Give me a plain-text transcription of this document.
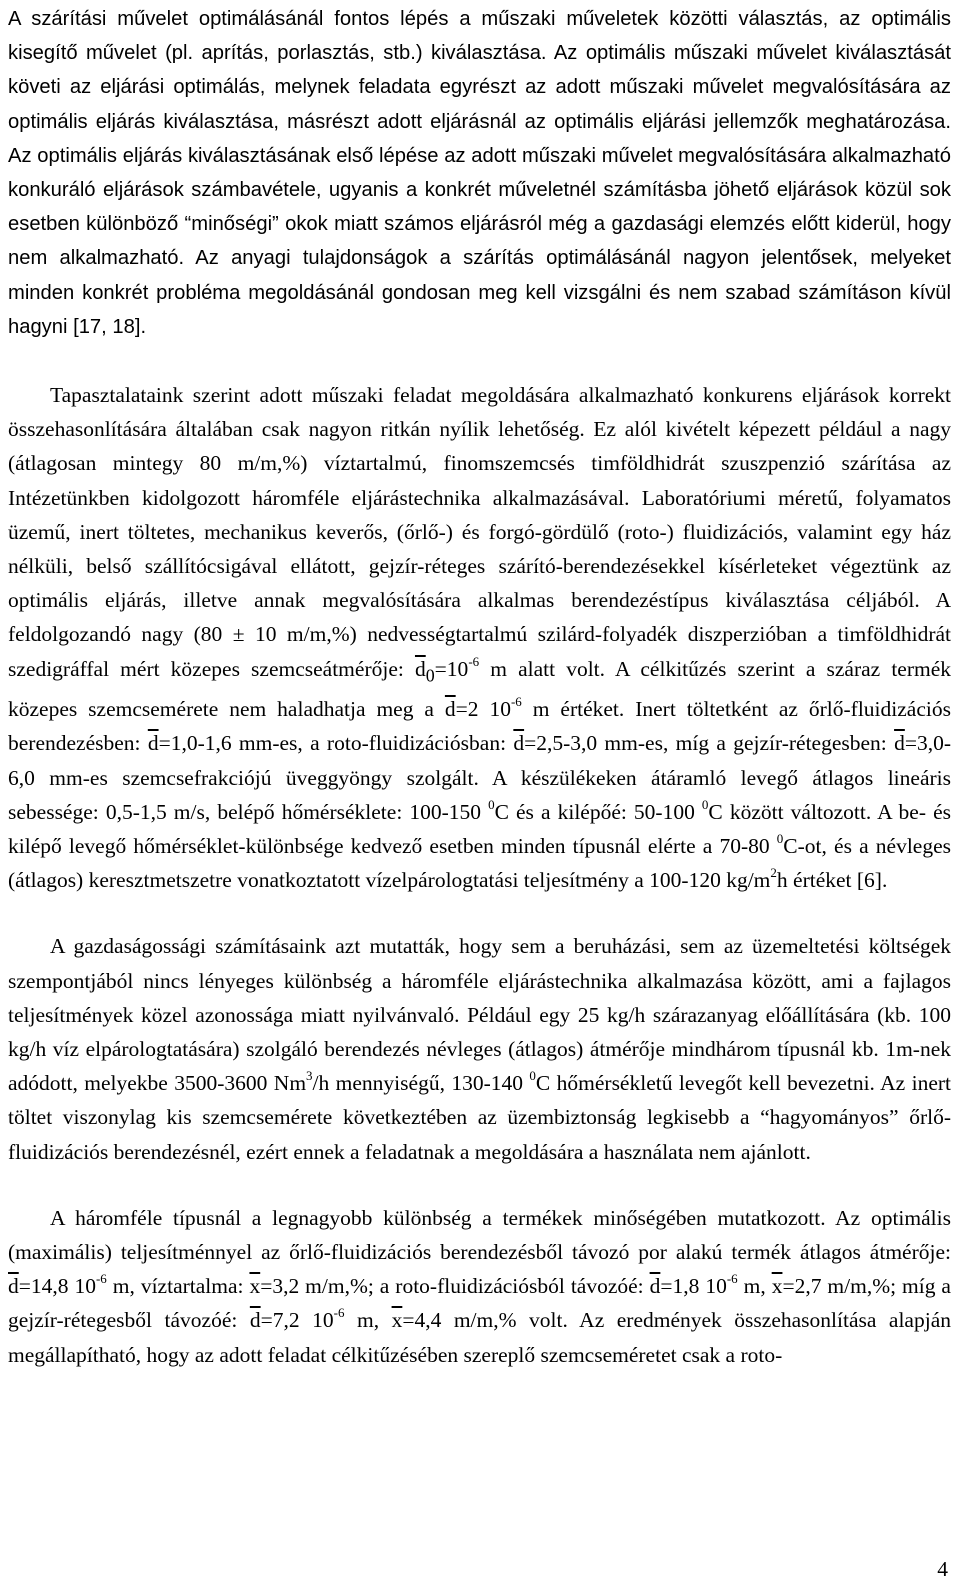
A szárítási művelet optimálásánál fontos lépés a műszaki műveletek közötti választás, az optimális kisegítő művelet (pl. aprítás, porlasztás, stb.) kiválasztása. Az optimális műszaki művelet kiválasztását követi az eljárási optimálás, melynek feladata egyrészt az adott műszaki művelet megvalósítására az optimális eljárás kiválasztása, másrészt adott eljárásnál az optimális eljárási jellemzők meghatározása. Az optimális eljárás kiválasztásának első lépése az adott műszaki művelet megvalósítására alkalmazható konkuráló eljárások számbavétele, ugyanis a konkrét műveletnél számításba jöhető eljárások közül sok esetben különböző “minőségi” okok miatt számos eljárásról még a gazdasági elemzés előtt kiderül, hogy nem alkalmazható. Az anyagi tulajdonságok a szárítás optimálásánál nagyon jelentősek, melyeket minden konkrét probléma megoldásánál gondosan meg kell vizsgálni és nem szabad számításon kívül hagyni [17, 18].

Tapasztalataink szerint adott műszaki feladat megoldására alkalmazható konkurens eljárások korrekt összehasonlítására általában csak nagyon ritkán nyílik lehetőség. Ez alól kivételt képezett például a nagy (átlagosan mintegy 80 m/m,%) víztartalmú, finomszemcsés timföldhidrát szuszpenzió szárítása az Intézetünkben kidolgozott háromféle eljárástechnika alkalmazásával. Laboratóriumi méretű, folyamatos üzemű, inert töltetes, mechanikus keverős, (őrlő-) és forgó-gördülő (roto-) fluidizációs, valamint egy ház nélküli, belső szállítócsigával ellátott, gejzír-réteges szárító-berendezésekkel kísérleteket végeztünk az optimális eljárás, illetve annak megvalósítására alkalmas berendezéstípus kiválasztása céljából. A feldolgozandó nagy (80 ± 10 m/m,%) nedvességtartalmú szilárd-folyadék diszperzióban a timföldhidrát szedigráffal mért közepes szemcseátmérője: $\overline{d}_0=10^{-6}$ m alatt volt. A célkitűzés szerint a száraz termék közepes szemcsemérete nem haladhatja meg a $\overline{d}=2$ $10^{-6}$ m értéket. Inert töltetként az őrlő-fluidizációs berendezésben: $\overline{d}=1,0-1,6$ mm-es, a roto-fluidizációsban: $\overline{d}=2,5-3,0$ mm-es, míg a gejzír-rétegesben: $\overline{d}=3,0-6,0$ mm-es szemcsefrakciójú üveggyöngy szolgált. A készülékeken átáramló levegő átlagos lineáris sebessége: 0,5-1,5 m/s, belépő hőmérséklete: 100-150 $^0$C és a kilépőé: 50-100 $^0$C között változott. A be- és kilépő levegő hőmérséklet-különbsége kedvező esetben minden típusnál elérte a 70-80 $^0$C-ot, és a névleges (átlagos) keresztmetszetre vonatkoztatott vízelpárologtatási teljesítmény a 100-120 $kg/m^2h$ értéket [6].

A gazdaságossági számításaink azt mutatták, hogy sem a beruházási, sem az üzemeltetési költségek szempontjából nincs lényeges különbség a háromféle eljárástechnika alkalmazása között, ami a fajlagos teljesítmények közel azonossága miatt nyilvánvaló. Például egy 25 kg/h szárazanyag előállítására (kb. 100 kg/h víz elpárologtatására) szolgáló berendezés névleges (átlagos) átmérője mindhárom típusnál kb. 1m-nek adódott, melyekbe 3500-3600 Nm$^3$/h mennyiségű, 130-140 $^0$C hőmérsékletű levegőt kell bevezetni. Az inert töltet viszonylag kis szemcsemérete következtében az üzembiztonság legkisebb a “hagyományos” őrlő-fluidizációs berendezésnél, ezért ennek a feladatnak a megoldására a használata nem ajánlott.

A háromféle típusnál a legnagyobb különbség a termékek minőségében mutatkozott. Az optimális (maximális) teljesítménnyel az őrlő-fluidizációs berendezésből távozó por alakú termék átlagos átmérője: $\overline{d}=14,8$ $10^{-6}$ m, víztartalma: $\overline{x}=3,2$ m/m,%; a roto-fluidizációsból távozóé: $\overline{d}=1,8$ $10^{-6}$ m, $\overline{x}=2,7$ m/m,%; míg a gejzír-rétegesből távozóé: $\overline{d}=7,2$ $10^{-6}$ m, $\overline{x}=4,4$ m/m,% volt. Az eredmények összehasonlítása alapján megállapítható, hogy az adott feladat célkitűzésében szereplő szemcseméretet csak a roto-

4
